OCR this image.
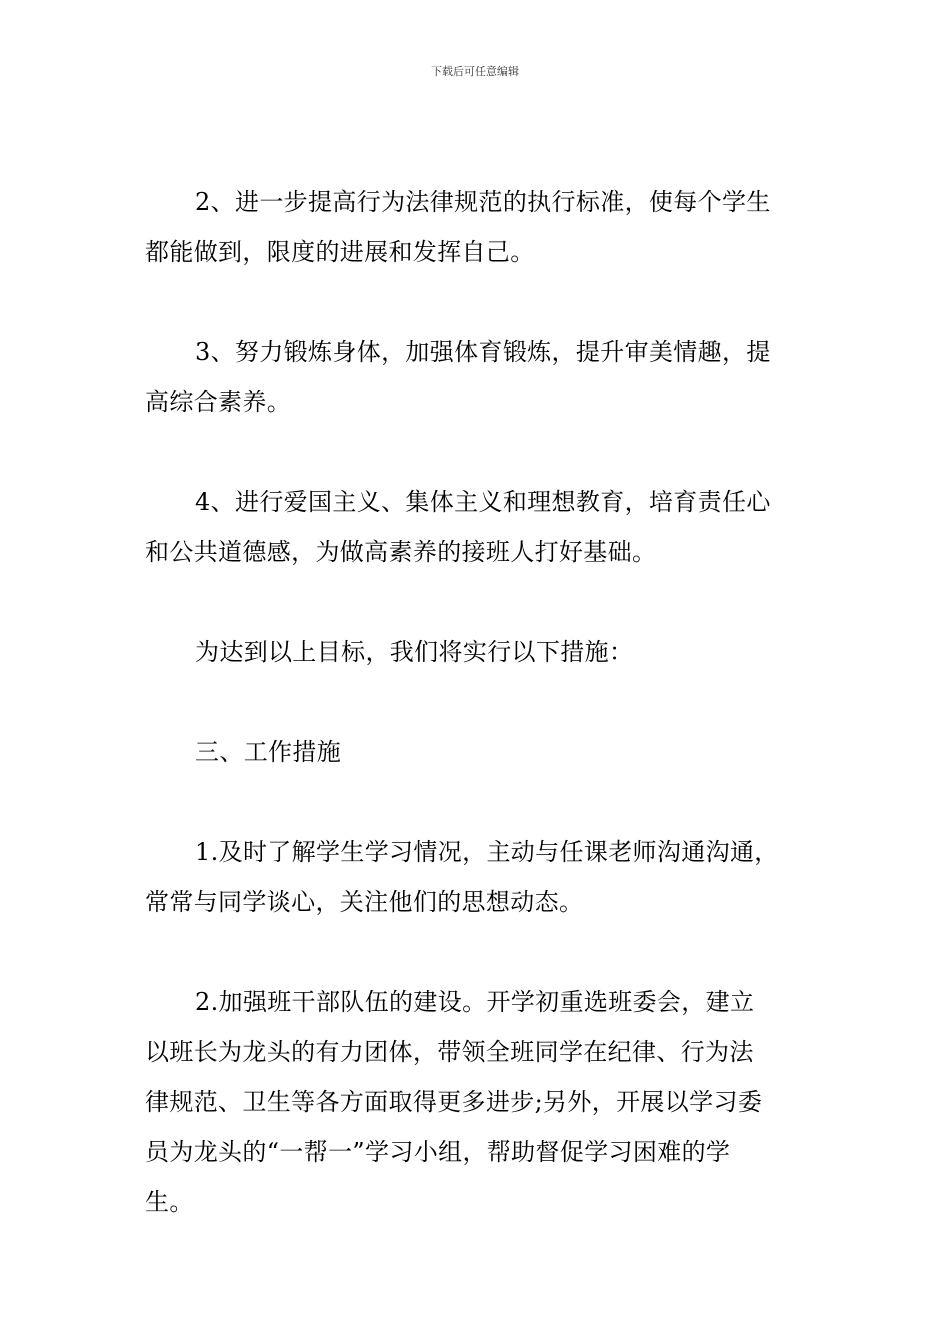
下载后可任意编辑
2、进一步提高行为法律规范的执行标准，使每个学生
都能做到，限度的进展和发挥自己。
3、努力锻炼身体，加强体育锻炼，提升审美情趣，提
高综合素养。
4、进行爱国主义、集体主义和理想教育，培育责任心
和公共道德感，为做高素养的接班人打好基础。
为达到以上目标，我们将实行以下措施：
三、工作措施
1.及时了解学生学习情况，主动与任课老师沟通沟通，
常常与同学谈心，关注他们的思想动态。
2.加强班干部队伍的建设。开学初重选班委会，建立
以班长为龙头的有力团体，带领全班同学在纪律、行为法
律规范、卫生等各方面取得更多进步;另外，开展以学习委
员为龙头的“一帮一”学习小组，帮助督促学习困难的学
生。
